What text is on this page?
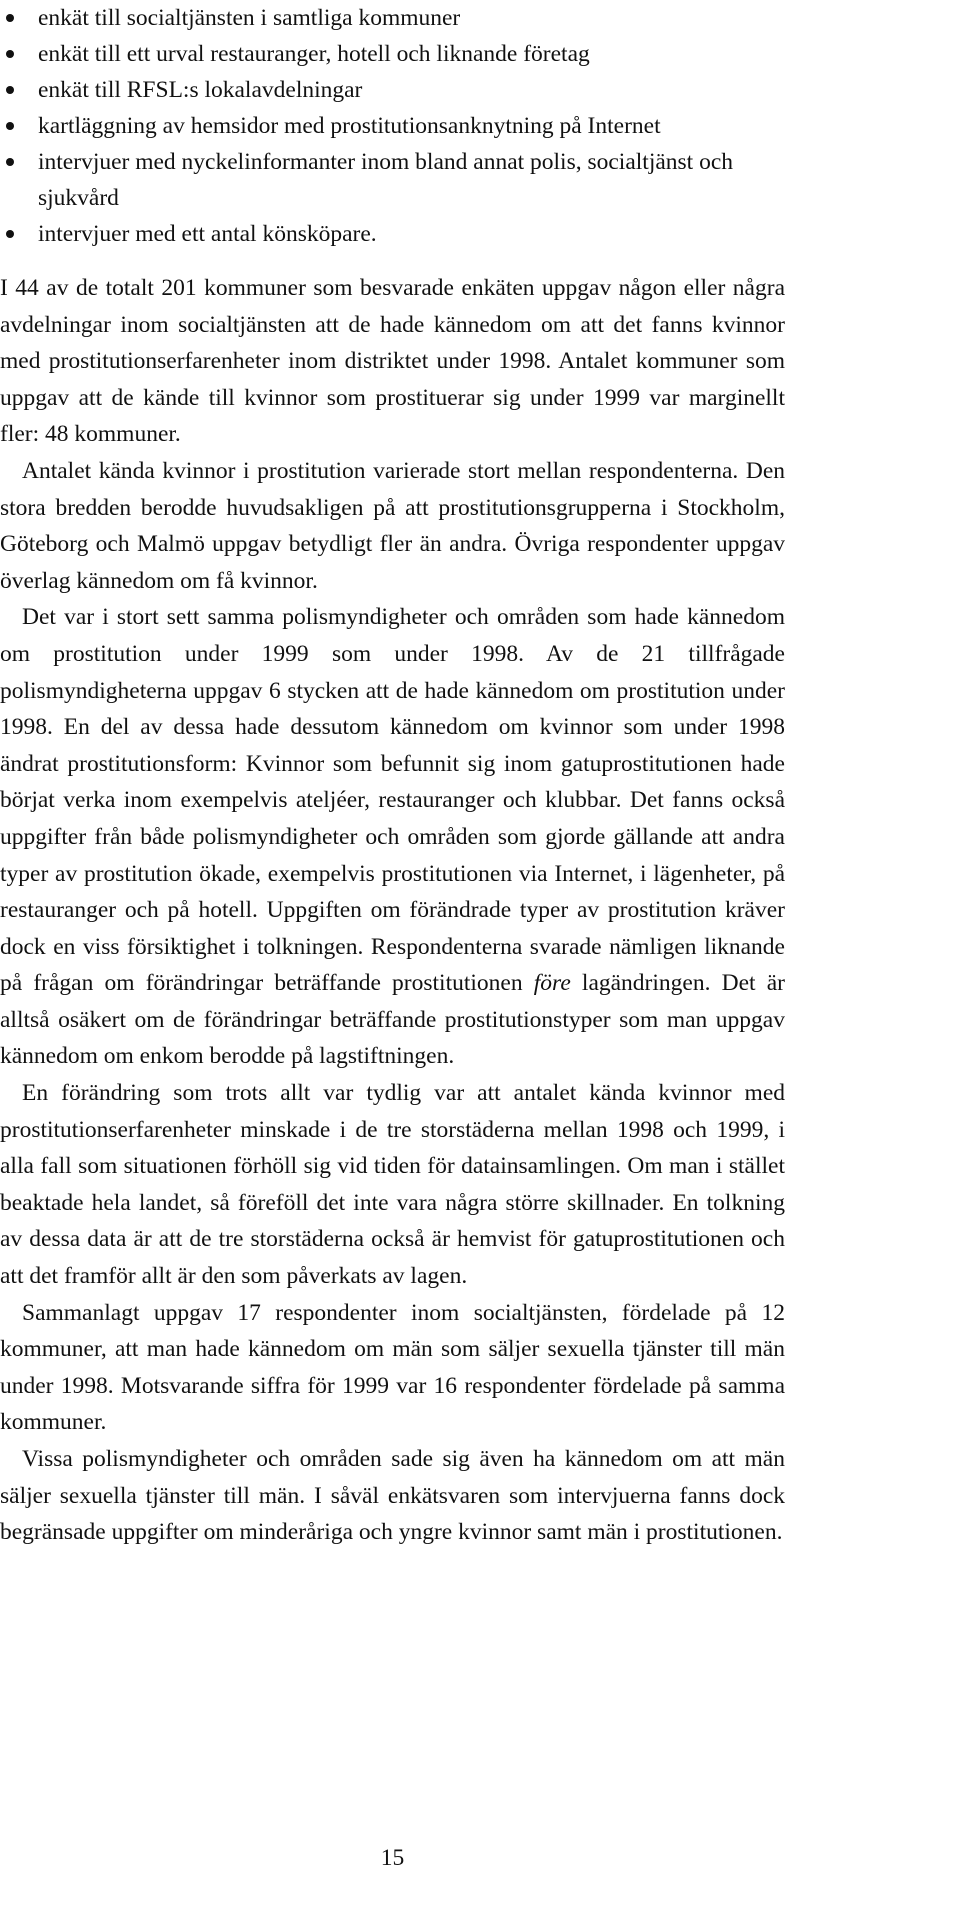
enkät till socialtjänsten i samtliga kommuner
enkät till ett urval restauranger, hotell och liknande företag
enkät till RFSL:s lokalavdelningar
kartläggning av hemsidor med prostitutionsanknytning på Internet
intervjuer med nyckelinformanter inom bland annat polis, socialtjänst och sjukvård
intervjuer med ett antal könsköpare.

I 44 av de totalt 201 kommuner som besvarade enkäten uppgav någon eller några avdelningar inom socialtjänsten att de hade kännedom om att det fanns kvinnor med prostitutionserfarenheter inom distriktet under 1998. Antalet kommuner som uppgav att de kände till kvinnor som prostituerar sig under 1999 var marginellt fler: 48 kommuner.

Antalet kända kvinnor i prostitution varierade stort mellan respondenterna. Den stora bredden berodde huvudsakligen på att prostitutionsgrupperna i Stockholm, Göteborg och Malmö uppgav betydligt fler än andra. Övriga respondenter uppgav överlag kännedom om få kvinnor.

Det var i stort sett samma polismyndigheter och områden som hade kännedom om prostitution under 1999 som under 1998. Av de 21 tillfrågade polismyndigheterna uppgav 6 stycken att de hade kännedom om prostitution under 1998. En del av dessa hade dessutom kännedom om kvinnor som under 1998 ändrat prostitutionsform: Kvinnor som befunnit sig inom gatuprostitutionen hade börjat verka inom exempelvis ateljéer, restauranger och klubbar. Det fanns också uppgifter från både polismyndigheter och områden som gjorde gällande att andra typer av prostitution ökade, exempelvis prostitutionen via Internet, i lägenheter, på restauranger och på hotell. Uppgiften om förändrade typer av prostitution kräver dock en viss försiktighet i tolkningen. Respondenterna svarade nämligen liknande på frågan om förändringar beträffande prostitutionen före lagändringen. Det är alltså osäkert om de förändringar beträffande prostitutionstyper som man uppgav kännedom om enkom berodde på lagstiftningen.

En förändring som trots allt var tydlig var att antalet kända kvinnor med prostitutionserfarenheter minskade i de tre storstäderna mellan 1998 och 1999, i alla fall som situationen förhöll sig vid tiden för datainsamlingen. Om man i stället beaktade hela landet, så föreföll det inte vara några större skillnader. En tolkning av dessa data är att de tre storstäderna också är hemvist för gatuprostitutionen och att det framför allt är den som påverkats av lagen.

Sammanlagt uppgav 17 respondenter inom socialtjänsten, fördelade på 12 kommuner, att man hade kännedom om män som säljer sexuella tjänster till män under 1998. Motsvarande siffra för 1999 var 16 respondenter fördelade på samma kommuner.

Vissa polismyndigheter och områden sade sig även ha kännedom om att män säljer sexuella tjänster till män. I såväl enkätsvaren som intervjuerna fanns dock begränsade uppgifter om minderåriga och yngre kvinnor samt män i prostitutionen.

15
